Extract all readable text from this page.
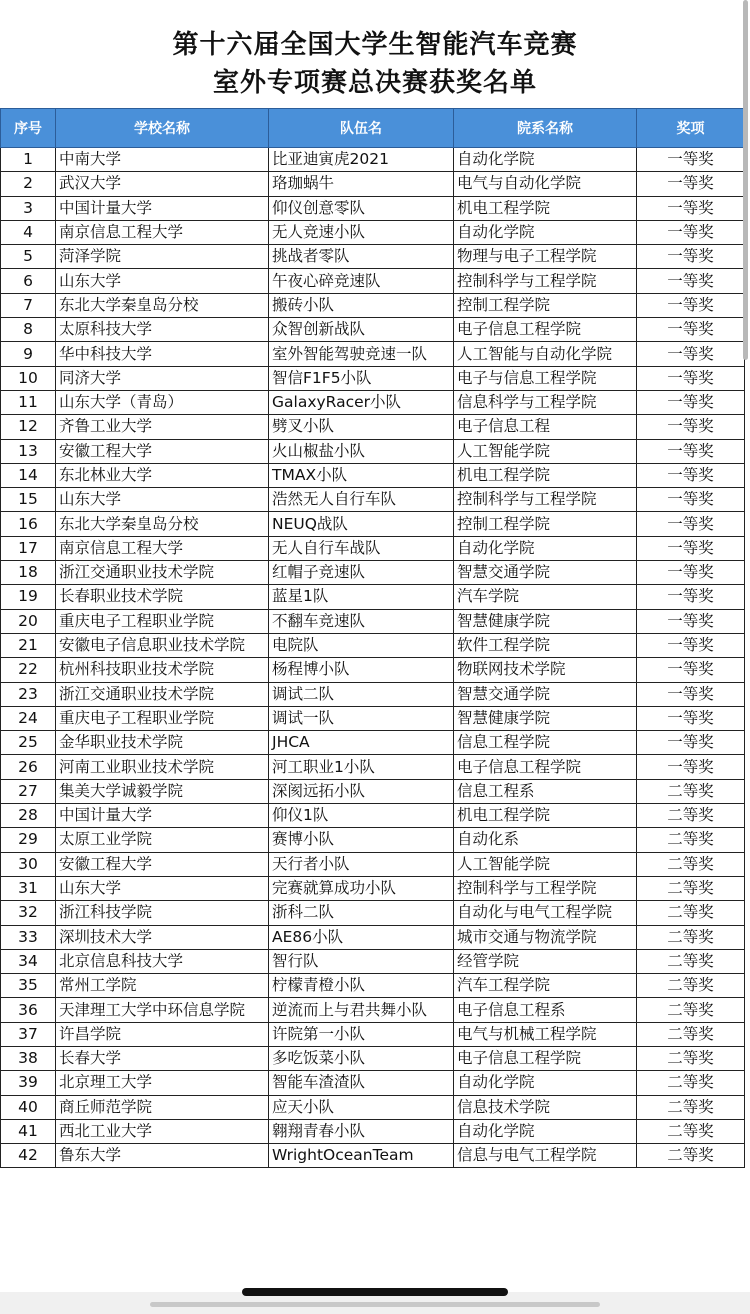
第十六届全国大学生智能汽车竞赛
室外专项赛总决赛获奖名单
序号	学校名称	队伍名	院系名称	奖项
1	中南大学	比亚迪寅虎2021	自动化学院	一等奖
2	武汉大学	珞珈蜗牛	电气与自动化学院	一等奖
3	中国计量大学	仰仪创意零队	机电工程学院	一等奖
4	南京信息工程大学	无人竞速小队	自动化学院	一等奖
5	菏泽学院	挑战者零队	物理与电子工程学院	一等奖
6	山东大学	午夜心碎竞速队	控制科学与工程学院	一等奖
7	东北大学秦皇岛分校	搬砖小队	控制工程学院	一等奖
8	太原科技大学	众智创新战队	电子信息工程学院	一等奖
9	华中科技大学	室外智能驾驶竞速一队	人工智能与自动化学院	一等奖
10	同济大学	智信F1F5小队	电子与信息工程学院	一等奖
11	山东大学（青岛）	GalaxyRacer小队	信息科学与工程学院	一等奖
12	齐鲁工业大学	劈叉小队	电子信息工程	一等奖
13	安徽工程大学	火山椒盐小队	人工智能学院	一等奖
14	东北林业大学	TMAX小队	机电工程学院	一等奖
15	山东大学	浩然无人自行车队	控制科学与工程学院	一等奖
16	东北大学秦皇岛分校	NEUQ战队	控制工程学院	一等奖
17	南京信息工程大学	无人自行车战队	自动化学院	一等奖
18	浙江交通职业技术学院	红帽子竞速队	智慧交通学院	一等奖
19	长春职业技术学院	蓝星1队	汽车学院	一等奖
20	重庆电子工程职业学院	不翻车竞速队	智慧健康学院	一等奖
21	安徽电子信息职业技术学院	电院队	软件工程学院	一等奖
22	杭州科技职业技术学院	杨程博小队	物联网技术学院	一等奖
23	浙江交通职业技术学院	调试二队	智慧交通学院	一等奖
24	重庆电子工程职业学院	调试一队	智慧健康学院	一等奖
25	金华职业技术学院	JHCA	信息工程学院	一等奖
26	河南工业职业技术学院	河工职业1小队	电子信息工程学院	一等奖
27	集美大学诚毅学院	深阂远拓小队	信息工程系	二等奖
28	中国计量大学	仰仪1队	机电工程学院	二等奖
29	太原工业学院	赛博小队	自动化系	二等奖
30	安徽工程大学	天行者小队	人工智能学院	二等奖
31	山东大学	完赛就算成功小队	控制科学与工程学院	二等奖
32	浙江科技学院	浙科二队	自动化与电气工程学院	二等奖
33	深圳技术大学	AE86小队	城市交通与物流学院	二等奖
34	北京信息科技大学	智行队	经管学院	二等奖
35	常州工学院	柠檬青橙小队	汽车工程学院	二等奖
36	天津理工大学中环信息学院	逆流而上与君共舞小队	电子信息工程系	二等奖
37	许昌学院	许院第一小队	电气与机械工程学院	二等奖
38	长春大学	多吃饭菜小队	电子信息工程学院	二等奖
39	北京理工大学	智能车渣渣队	自动化学院	二等奖
40	商丘师范学院	应天小队	信息技术学院	二等奖
41	西北工业大学	翱翔青春小队	自动化学院	二等奖
42	鲁东大学	WrightOceanTeam	信息与电气工程学院	二等奖
